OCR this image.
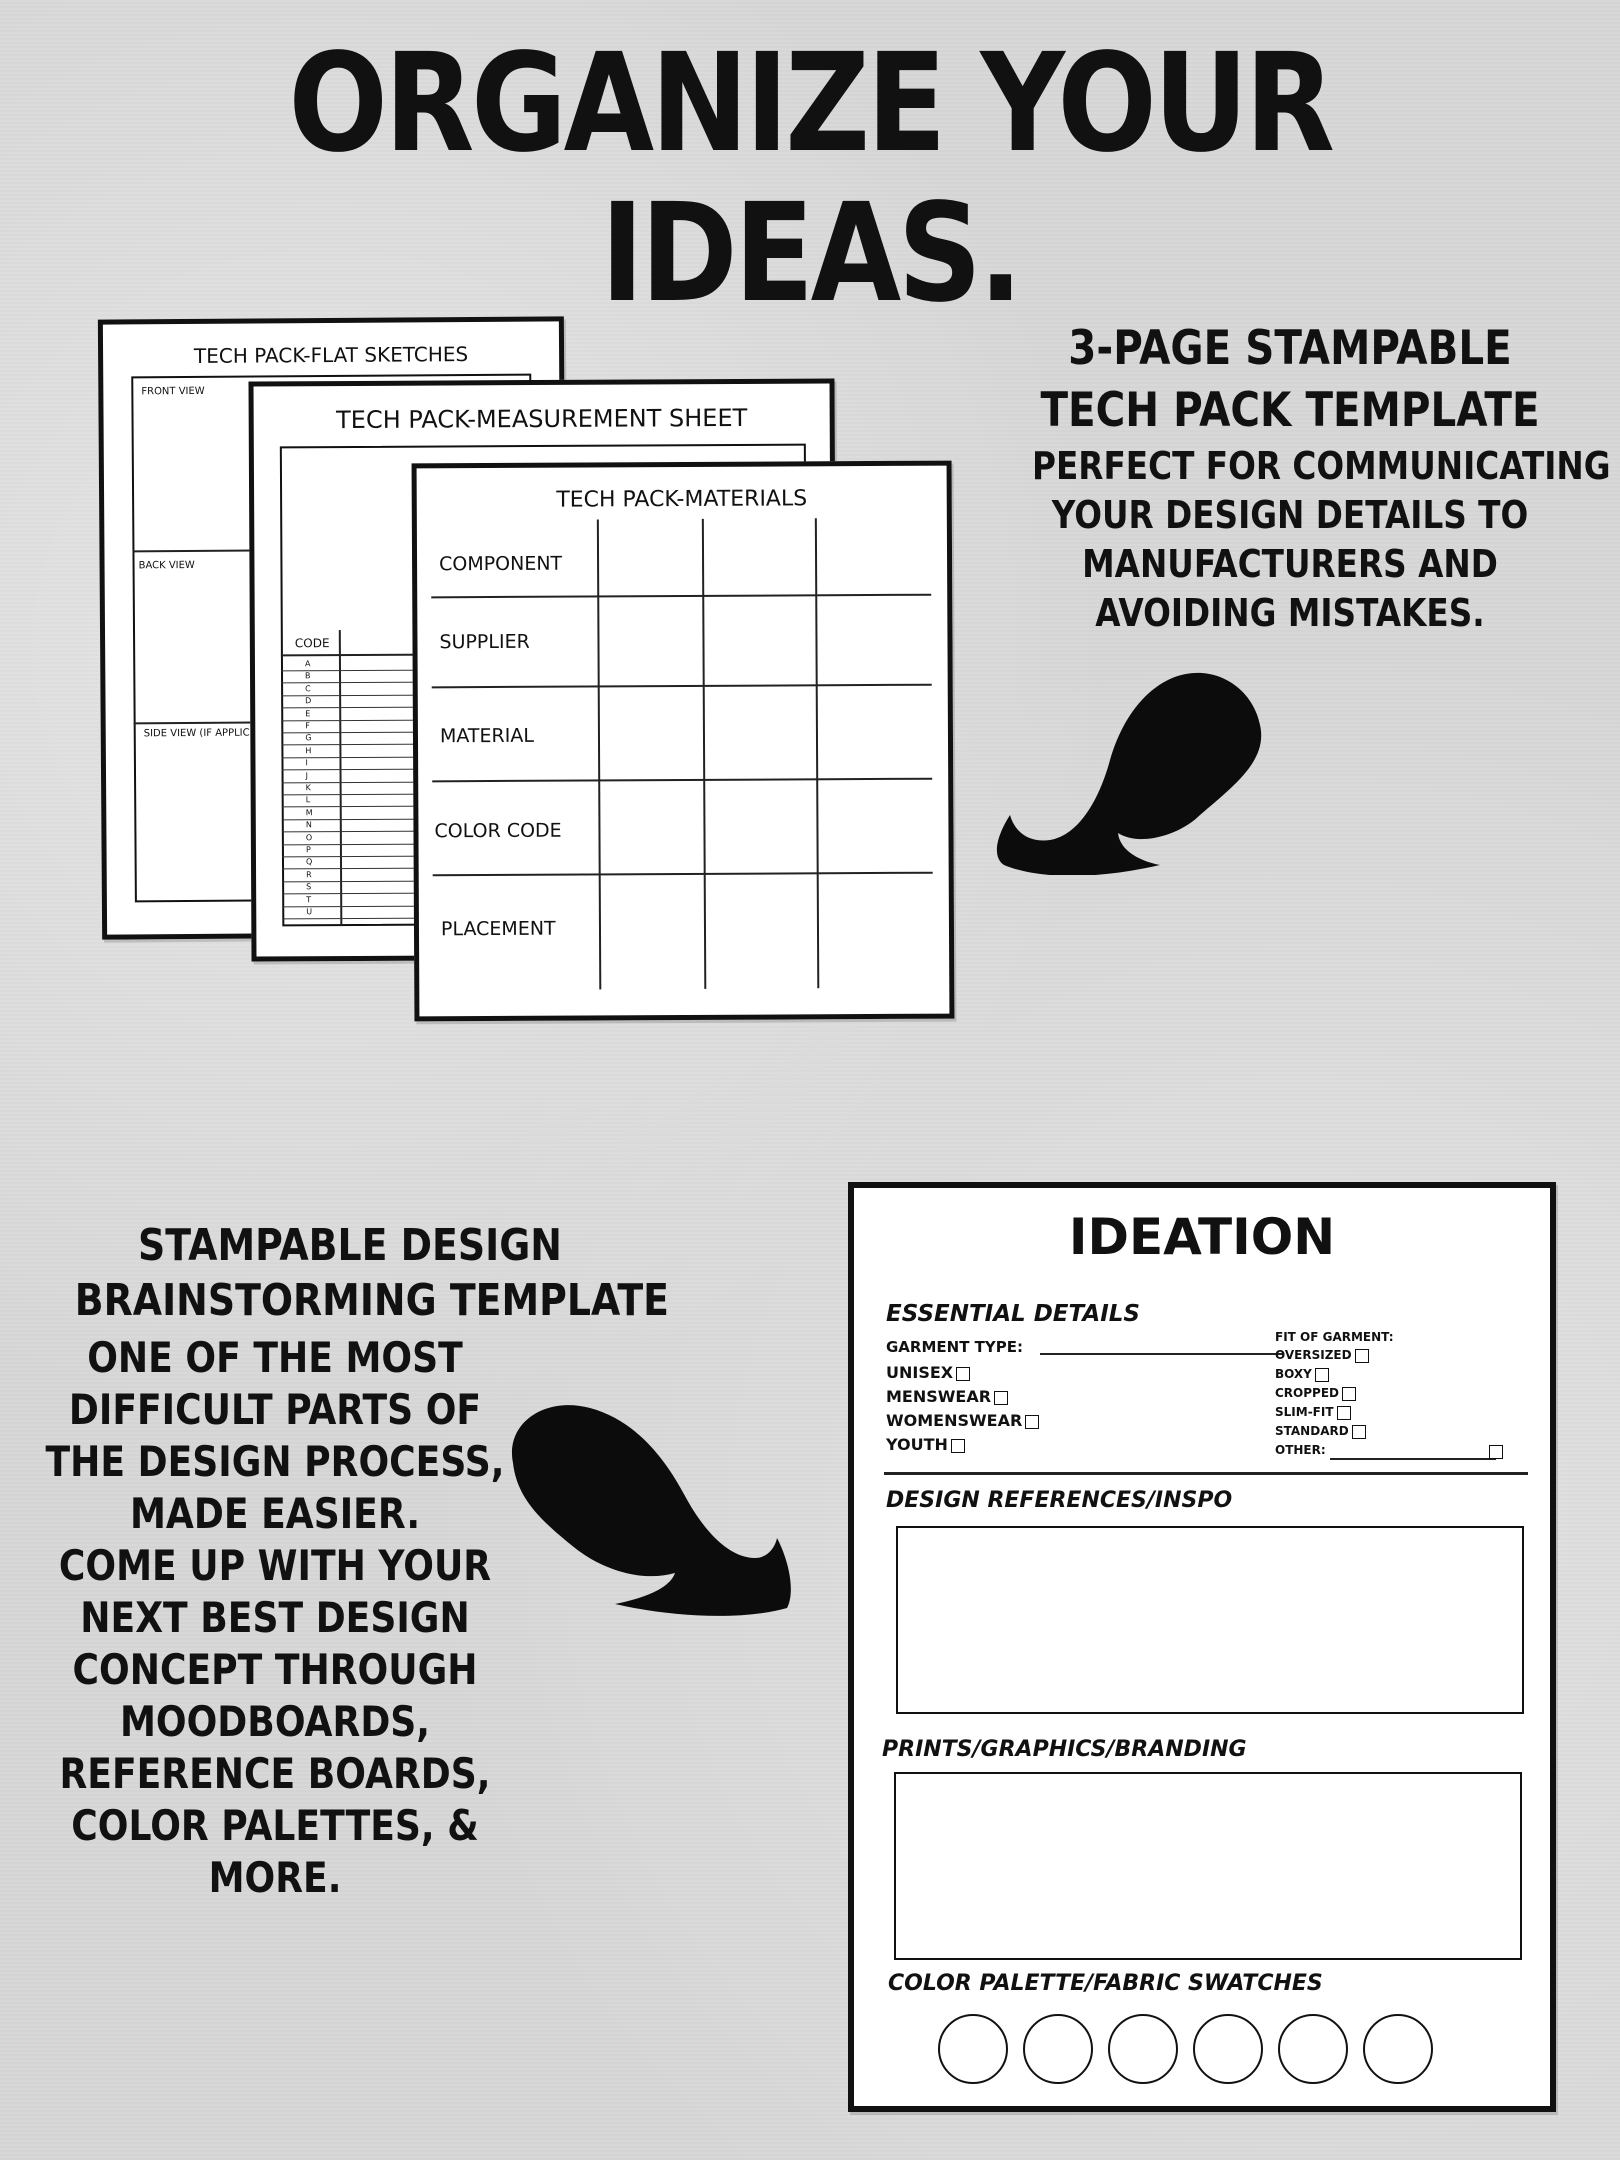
ORGANIZE YOUR IDEAS.
TECH PACK-FLAT SKETCHES
FRONT VIEW
BACK VIEW
SIDE VIEW (IF APPLIC
TECH PACK-MEASUREMENT SHEET
CODE
A
B
C
D
E
F
G
H
I
J
K
L
M
N
O
P
Q
R
S
T
U
TECH PACK-MATERIALS
COMPONENT
SUPPLIER
MATERIAL
COLOR CODE
PLACEMENT
3-PAGE STAMPABLE
TECH PACK TEMPLATE
PERFECT FOR COMMUNICATING
YOUR DESIGN DETAILS TO
MANUFACTURERS AND
AVOIDING MISTAKES.
STAMPABLE DESIGN
BRAINSTORMING TEMPLATE
ONE OF THE MOST
DIFFICULT PARTS OF
THE DESIGN PROCESS,
MADE EASIER.
COME UP WITH YOUR
NEXT BEST DESIGN
CONCEPT THROUGH
MOODBOARDS,
REFERENCE BOARDS,
COLOR PALETTES, &
MORE.
IDEATION
ESSENTIAL DETAILS
GARMENT TYPE:
UNISEX
MENSWEAR
WOMENSWEAR
YOUTH
FIT OF GARMENT:
OVERSIZED
BOXY
CROPPED
SLIM-FIT
STANDARD
OTHER:
DESIGN REFERENCES/INSPO
PRINTS/GRAPHICS/BRANDING
COLOR PALETTE/FABRIC SWATCHES
